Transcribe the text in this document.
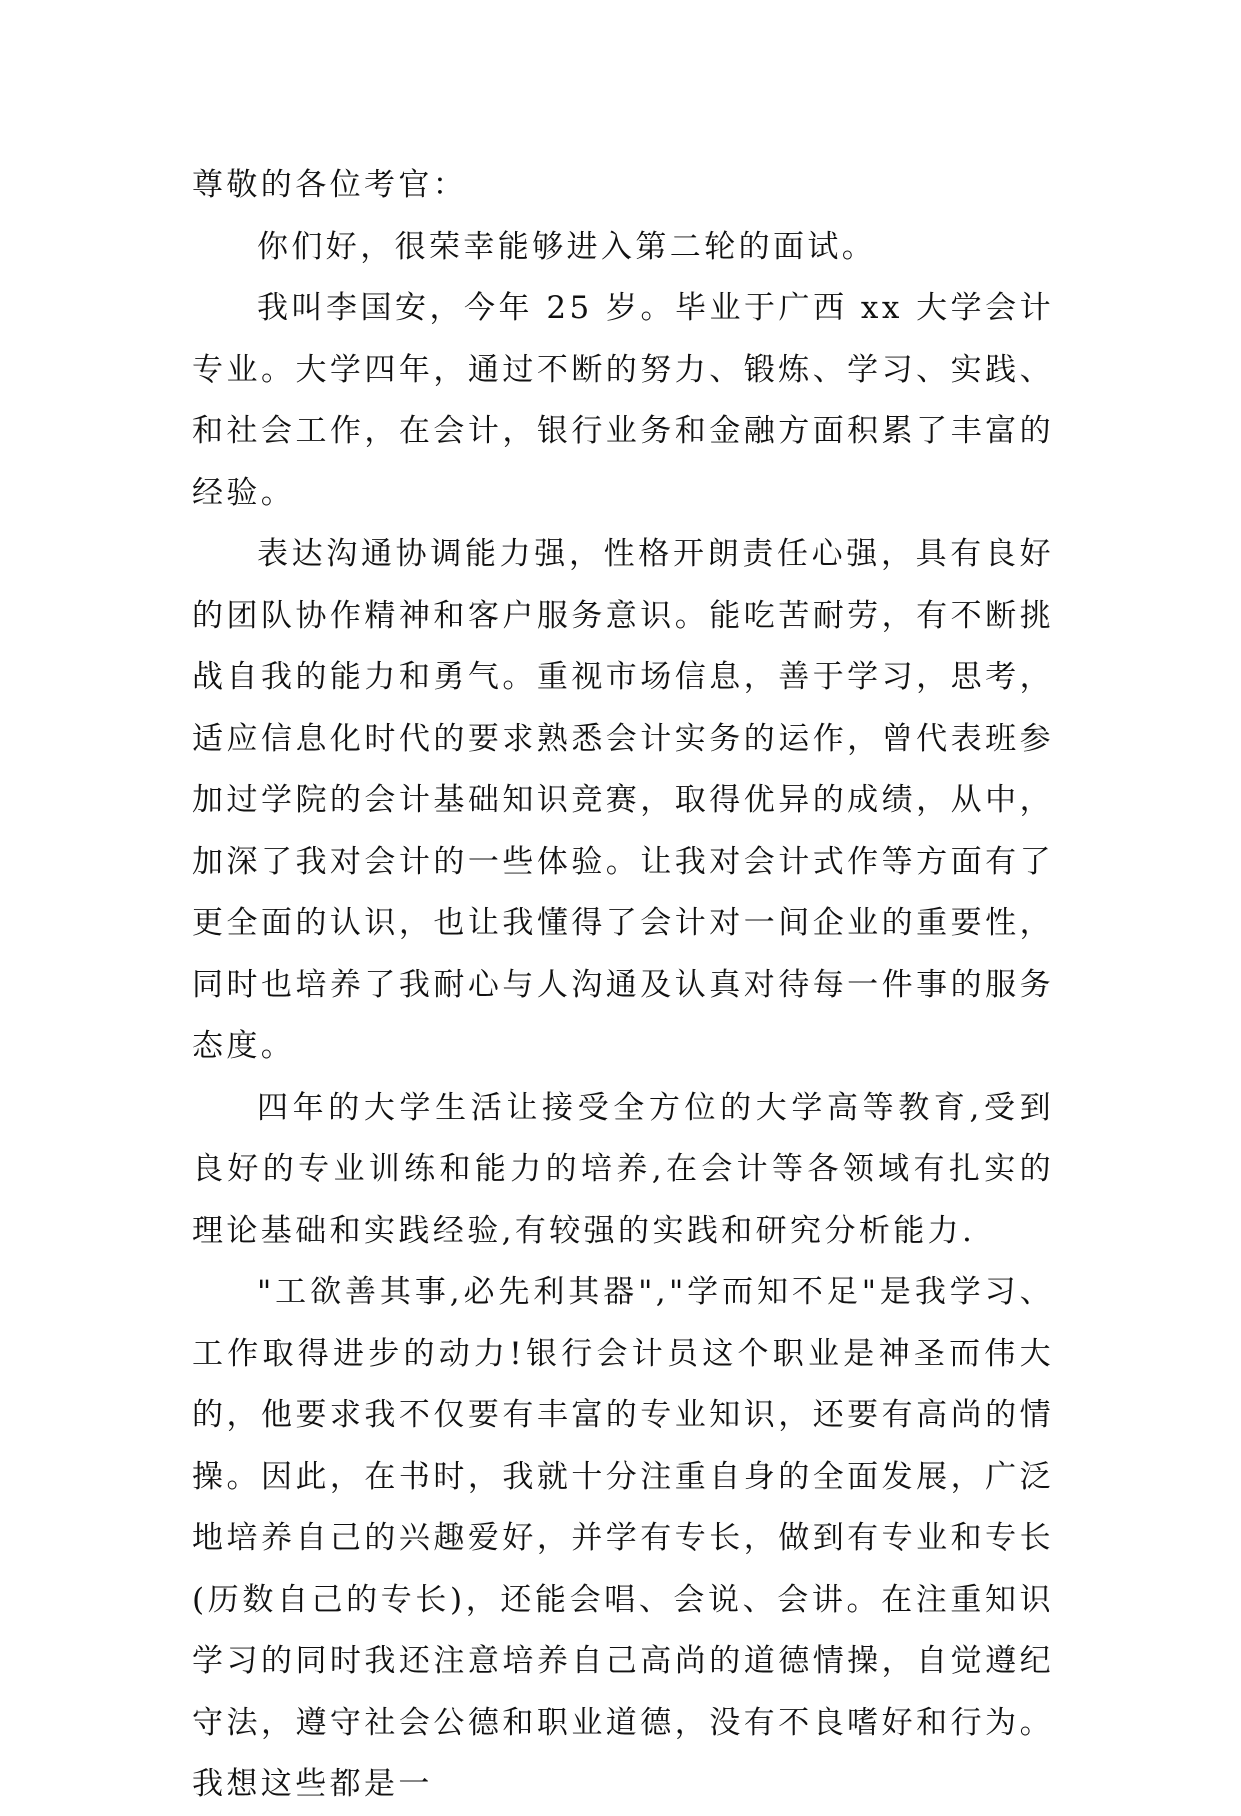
尊敬的各位考官：

你们好，很荣幸能够进入第二轮的面试。

我叫李国安，今年 25 岁。毕业于广西 xx 大学会计专业。大学四年，通过不断的努力、锻炼、学习、实践、和社会工作，在会计，银行业务和金融方面积累了丰富的经验。

表达沟通协调能力强，性格开朗责任心强，具有良好的团队协作精神和客户服务意识。能吃苦耐劳，有不断挑战自我的能力和勇气。重视市场信息，善于学习，思考，适应信息化时代的要求熟悉会计实务的运作，曾代表班参加过学院的会计基础知识竞赛，取得优异的成绩，从中，加深了我对会计的一些体验。让我对会计式作等方面有了更全面的认识，也让我懂得了会计对一间企业的重要性，同时也培养了我耐心与人沟通及认真对待每一件事的服务态度。

四年的大学生活让接受全方位的大学高等教育,受到良好的专业训练和能力的培养,在会计等各领域有扎实的理论基础和实践经验,有较强的实践和研究分析能力.

"工欲善其事,必先利其器","学而知不足"是我学习、工作取得进步的动力!银行会计员这个职业是神圣而伟大的，他要求我不仅要有丰富的专业知识，还要有高尚的情操。因此，在书时，我就十分注重自身的全面发展，广泛地培养自己的兴趣爱好，并学有专长，做到有专业和专长(历数自己的专长)，还能会唱、会说、会讲。在注重知识学习的同时我还注意培养自己高尚的道德情操，自觉遵纪守法，遵守社会公德和职业道德，没有不良嗜好和行为。我想这些都是一
